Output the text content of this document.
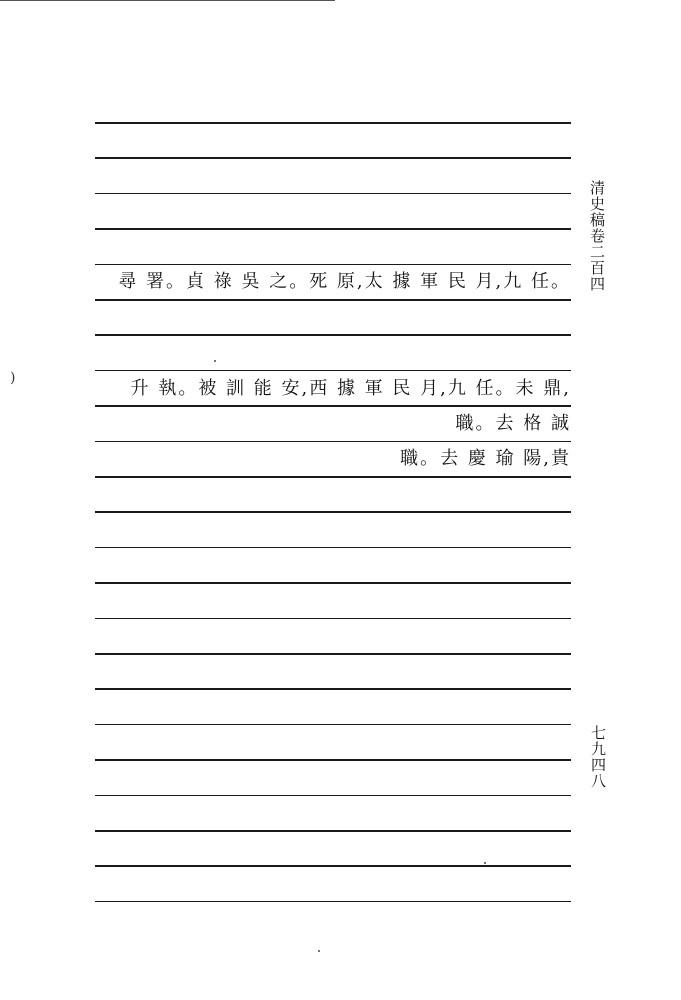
清史稿卷二百四
七九四八
)
尋 署。貞 祿 吳 之。死 原,太 據 軍 民 月,九 任。
升 執。被 訓 能 安,西 據 軍 民 月,九 任。未 鼎,
職。去 格 誠
職。去 慶 瑜 陽,貴
